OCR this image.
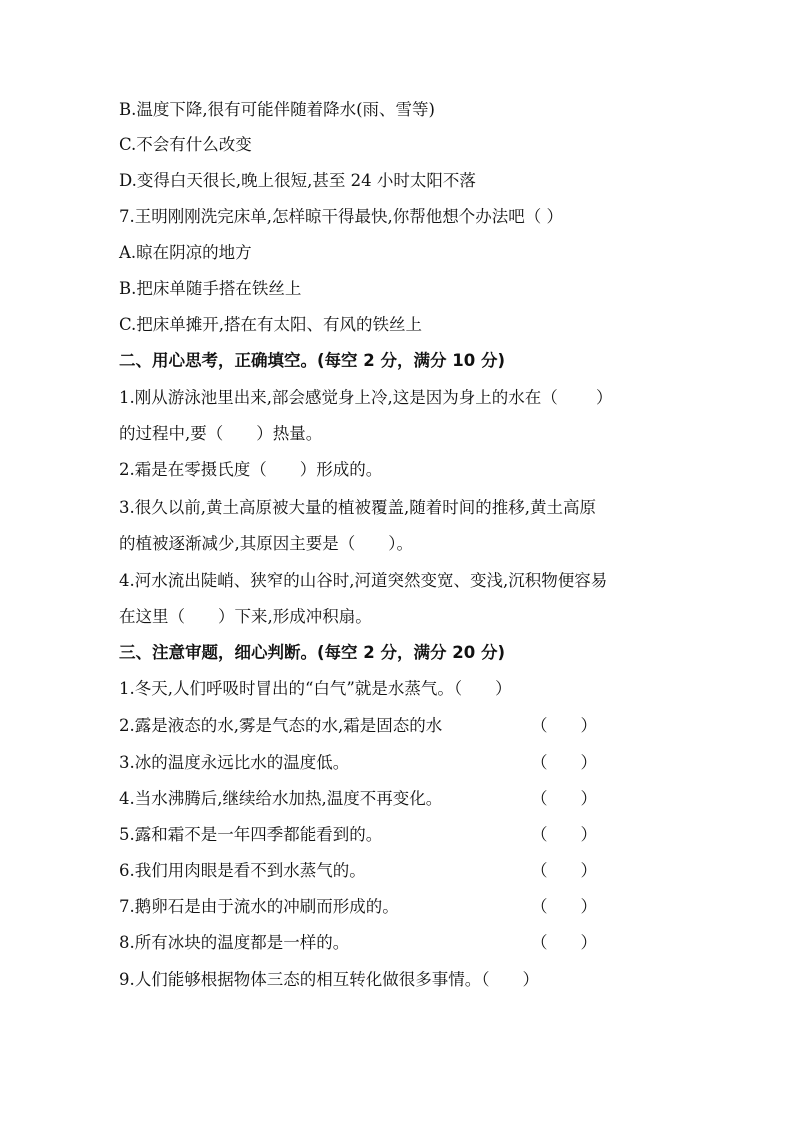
B.温度下降,很有可能伴随着降水(雨、雪等)
C.不会有什么改变
D.变得白天很长,晚上很短,甚至 24 小时太阳不落
7.王明刚刚洗完床单,怎样晾干得最快,你帮他想个办法吧（ ）
A.晾在阴凉的地方
B.把床单随手搭在铁丝上
C.把床单摊开,搭在有太阳、有风的铁丝上
二、用心思考，正确填空。(每空 2 分，满分 10 分)
1.刚从游泳池里出来,部会感觉身上冷,这是因为身上的水在（　　 ）
的过程中,要（　　）热量。
2.霜是在零摄氏度（　　）形成的。
3.很久以前,黄土高原被大量的植被覆盖,随着时间的推移,黄土高原
的植被逐渐减少,其原因主要是（　　）。
4.河水流出陡峭、狭窄的山谷时,河道突然变宽、变浅,沉积物便容易
在这里（　　）下来,形成冲积扇。
三、注意审题，细心判断。(每空 2 分，满分 20 分)
1.冬天,人们呼吸时冒出的“白气”就是水蒸气。（　　）
2.露是液态的水,雾是气态的水,霜是固态的水	（　　）
3.冰的温度永远比水的温度低。	（　　）
4.当水沸腾后,继续给水加热,温度不再变化。	（　　）
5.露和霜不是一年四季都能看到的。	（　　）
6.我们用肉眼是看不到水蒸气的。	（　　）
7.鹅卵石是由于流水的冲刷而形成的。	（　　）
8.所有冰块的温度都是一样的。	（　　）
9.人们能够根据物体三态的相互转化做很多事情。（　　）
